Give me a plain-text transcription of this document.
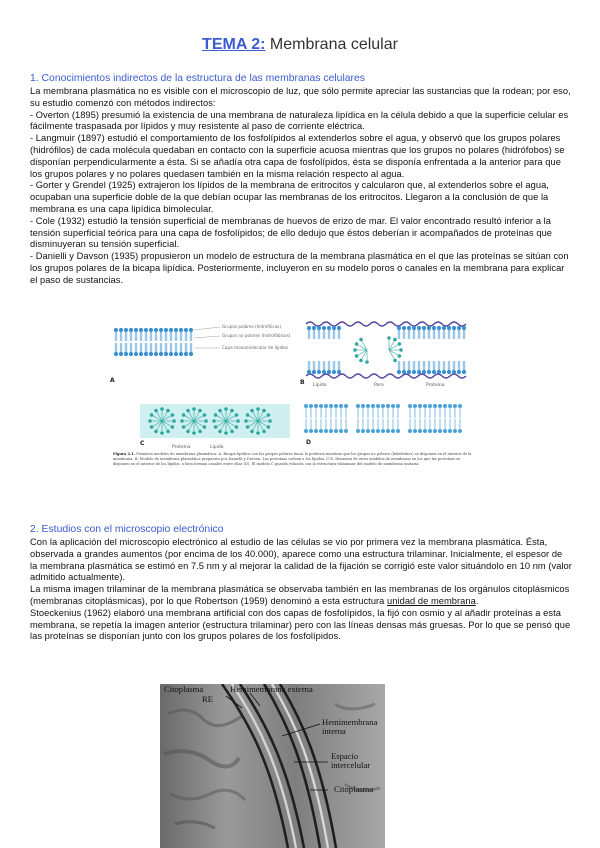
TEMA 2: Membrana celular
1. Conocimientos indirectos de la estructura de las membranas celulares

La membrana plasmática no es visible con el microscopio de luz, que sólo permite apreciar las sustancias que la rodean; por eso, su estudio comenzó con métodos indirectos:

- Overton (1895) presumió la existencia de una membrana de naturaleza lipídica en la célula debido a que la superficie celular es fácilmente traspasada por lípidos y muy resistente al paso de corriente eléctrica.

- Langmuir (1897) estudió el comportamiento de los fosfolípidos al extenderlos sobre el agua, y observó que los grupos polares (hidrófilos) de cada molécula quedaban en contacto con la superficie acuosa mientras que los grupos no polares (hidrófobos) se disponían perpendicularmente a ésta. Si se añadía otra capa de fosfolípidos, ésta se disponía enfrentada a la anterior para que los grupos polares y no polares quedasen también en la misma relación respecto al agua.

- Gorter y Grendel (1925) extrajeron los lípidos de la membrana de eritrocitos y calcularon que, al extenderlos sobre el agua, ocupaban una superficie doble de la que debían ocupar las membranas de los eritrocitos. Llegaron a la conclusión de que la membrana es una capa lipídica bimolecular.

- Cole (1932) estudió la tensión superficial de membranas de huevos de erizo de mar. El valor encontrado resultó inferior a la tensión superficial teórica para una capa de fosfolípidos; de ello dedujo que éstos deberían ir acompañados de proteínas que disminuyeran su tensión superficial.

- Danielli y Davson (1935) propusieron un modelo de estructura de la membrana plasmática en el que las proteínas se sitúan con los grupos polares de la bicapa lipídica. Posteriormente, incluyeron en su modelo poros o canales en la membrana para explicar el paso de sustancias.

Grupos polares (hidrofílicos)
Grupos no polares (hidrofóbicos)
Capa monomolecular de lípidos
A	B Lípido	Poro	Proteína
C
Proteína	Lípido
D
Figura 2.1. Primeros modelos de membrana plasmática. A. Bicapa lipídica con los grupos polares hacia la periferia mientras que los grupos no polares (hidrófobos) se disponen en el interior de la membrana. B. Modelo de membrana plasmática propuesto por Danielli y Davson. Las proteínas rodean a los lípidos. C-D. Resumen de otros modelos de membrana en los que las proteínas se disponen en el interior de los lípidos, o bien forman canales entre ellas (D). El modelo C guarda relación con la estructura trilaminar del modelo de membrana unitaria.
2. Estudios con el microscopio electrónico

Con la aplicación del microscopio electrónico al estudio de las células se vio por primera vez la membrana plasmática. Ésta, observada a grandes aumentos (por encima de los 40.000), aparece como una estructura trilaminar. Inicialmente, el espesor de la membrana plasmática se estimó en 7.5 nm y al mejorar la calidad de la fijación se corrigió este valor situándolo en 10 nm (valor admitido actualmente).

La misma imagen trilaminar de la membrana plasmática se observaba también en las membranas de los orgánulos citoplásmicos (membranas citoplásmicas), por lo que Robertson (1959) denominó a esta estructura unidad de membrana.

Stoeckenius (1962) elaboró una membrana artificial con dos capas de fosfolípidos, la fijó con osmio y al añadir proteínas a esta membrana, se repetía la imagen anterior (estructura trilaminar) pero con las líneas densas más gruesas. Por lo que se pensó que las proteínas se disponían junto con los grupos polares de los fosfolípidos.

Citoplasma	Hemimembrana externa
RE
Hemimembrana interna
Espacio intercelular
Citoplasma
